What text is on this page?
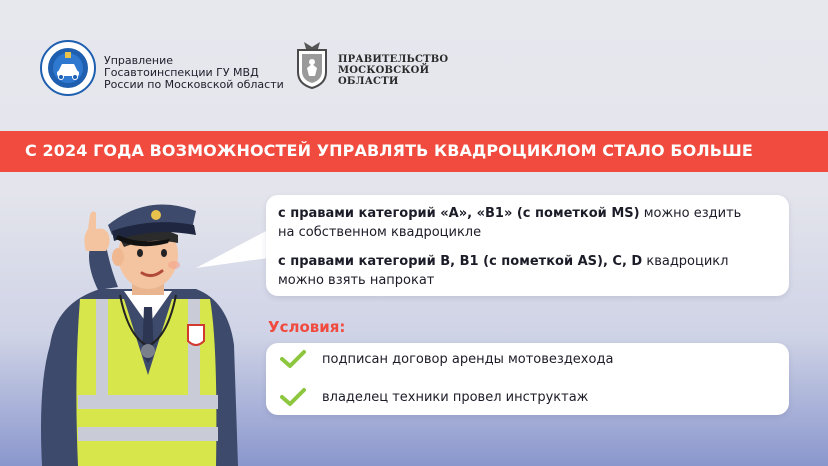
Управление
Госавтоинспекции ГУ МВД
России по Московской области
ПРАВИТЕЛЬСТВО
МОСКОВСКОЙ
ОБЛАСТИ
С 2024 ГОДА ВОЗМОЖНОСТЕЙ УПРАВЛЯТЬ КВАДРОЦИКЛОМ СТАЛО БОЛЬШЕ
с правами категорий «А», «В1» (с пометкой MS) можно ездить
на собственном квадроцикле
с правами категорий В, В1 (с пометкой AS), С, D квадроцикл
можно взять напрокат
Условия:
подписан договор аренды мотовездехода
владелец техники провел инструктаж
